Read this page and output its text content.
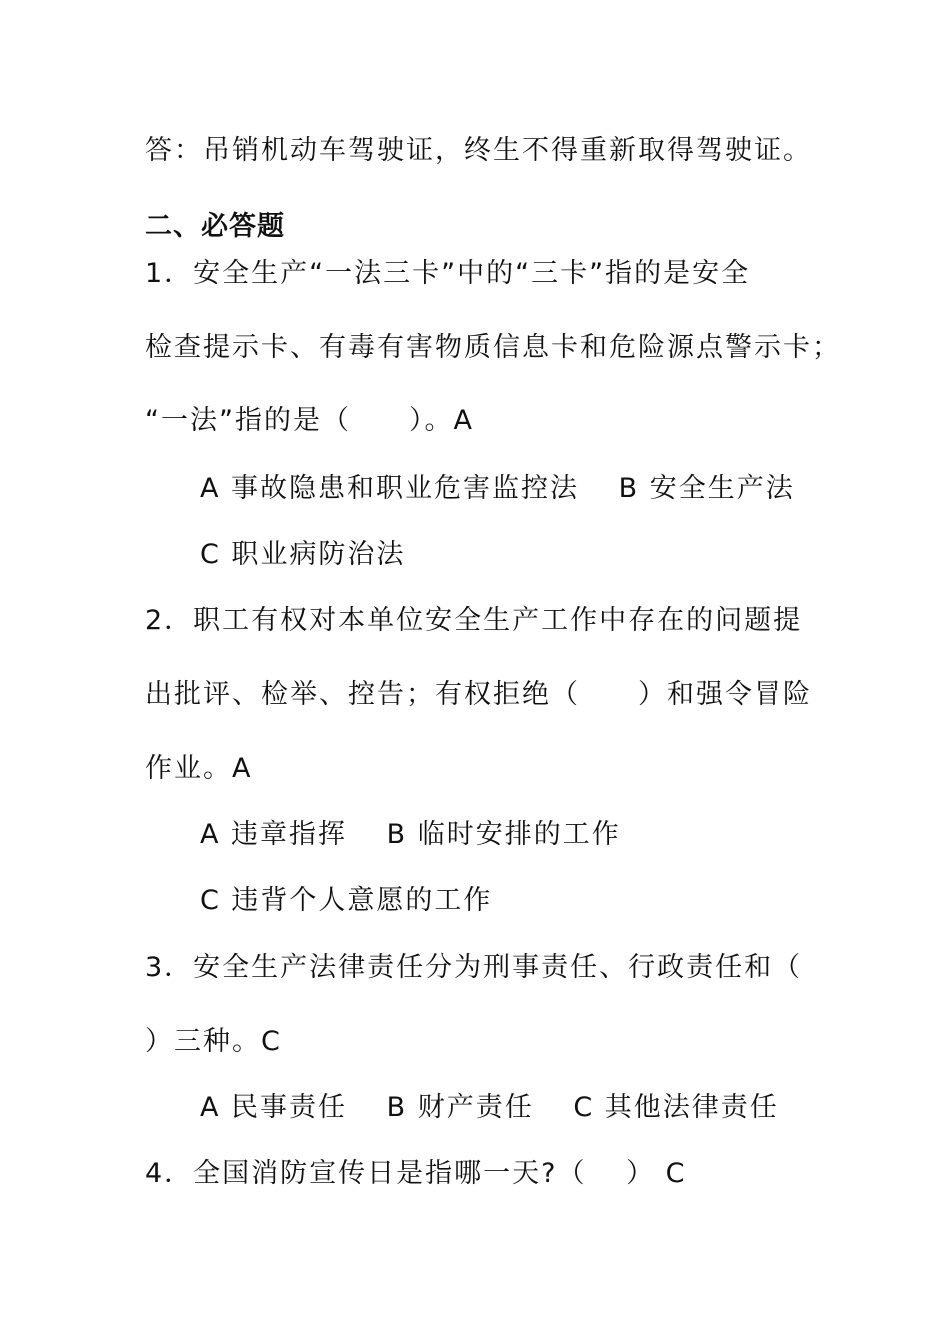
答：吊销机动车驾驶证，终生不得重新取得驾驶证。

二、必答题

1．安全生产“一法三卡”中的“三卡”指的是安全

检查提示卡、有毒有害物质信息卡和危险源点警示卡；

“一法”指的是（　　）。A

A 事故隐患和职业危害监控法　 B 安全生产法

C 职业病防治法

2．职工有权对本单位安全生产工作中存在的问题提

出批评、检举、控告；有权拒绝（　　）和强令冒险

作业。A

A 违章指挥　 B 临时安排的工作

C 违背个人意愿的工作

3．安全生产法律责任分为刑事责任、行政责任和（

）三种。C

A 民事责任　 B 财产责任　 C 其他法律责任

4．全国消防宣传日是指哪一天?（　 ） C
